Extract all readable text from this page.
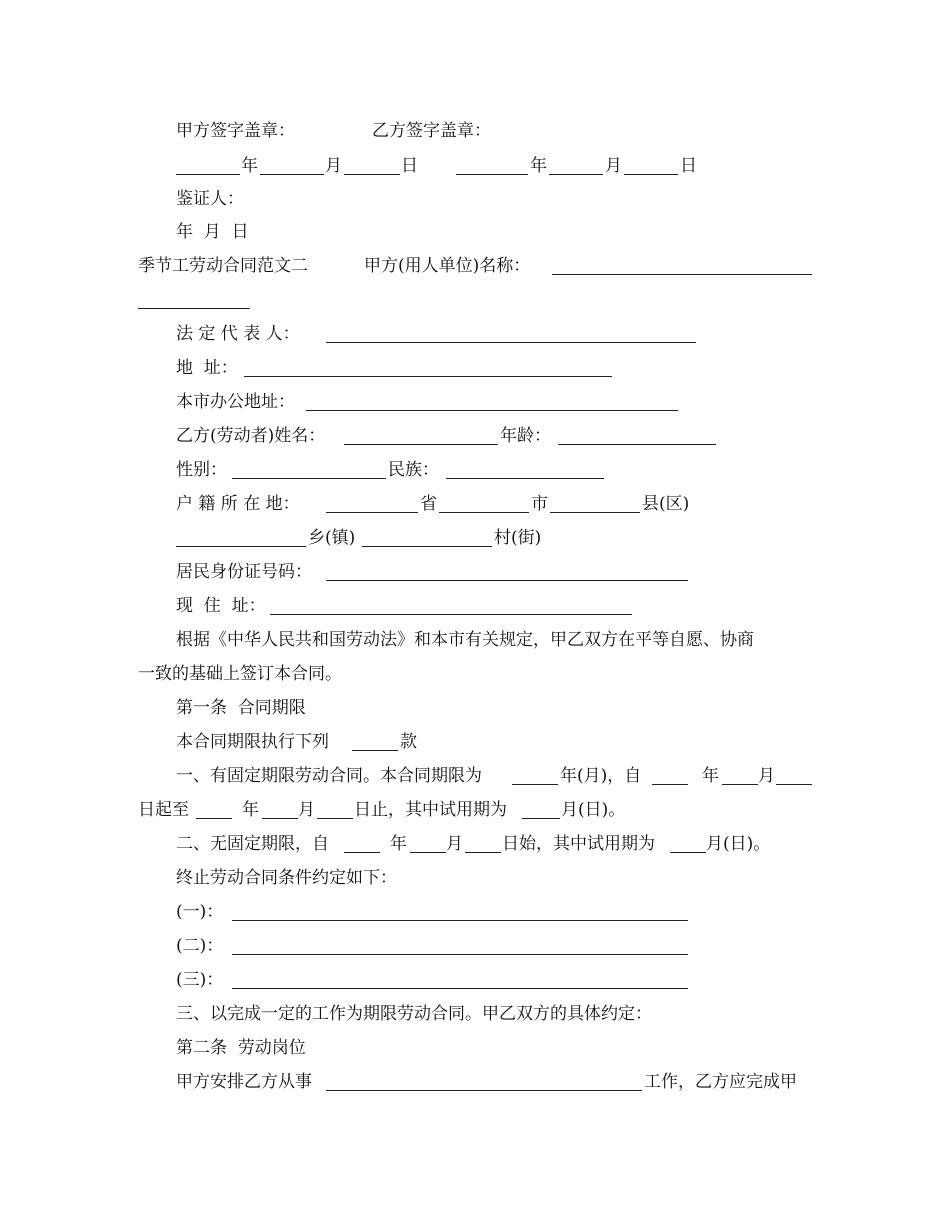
甲方签字盖章：	乙方签字盖章：
年	月	日	年	月	日
鉴证人：
年  月  日
季节工劳动合同范文二	甲方(用人单位)名称：
法 定 代 表 人：
地  址：
本市办公地址：
乙方(劳动者)姓名：	年龄：
性别：	民族：
户 籍 所 在 地：	省	市	县(区)
乡(镇)	村(街)
居民身份证号码：
现  住  址：
根据《中华人民共和国劳动法》和本市有关规定，甲乙双方在平等自愿、协商
一致的基础上签订本合同。
第一条  合同期限
本合同期限执行下列	款
一、有固定期限劳动合同。本合同期限为	年(月)，自	年 月
日起至	年 月 日止，其中试用期为	月(日)。
二、无固定期限，自	年 月 日始，其中试用期为	月(日)。
终止劳动合同条件约定如下：
(一)：
(二)：
(三)：
三、以完成一定的工作为期限劳动合同。甲乙双方的具体约定：
第二条  劳动岗位
甲方安排乙方从事	工作，乙方应完成甲
